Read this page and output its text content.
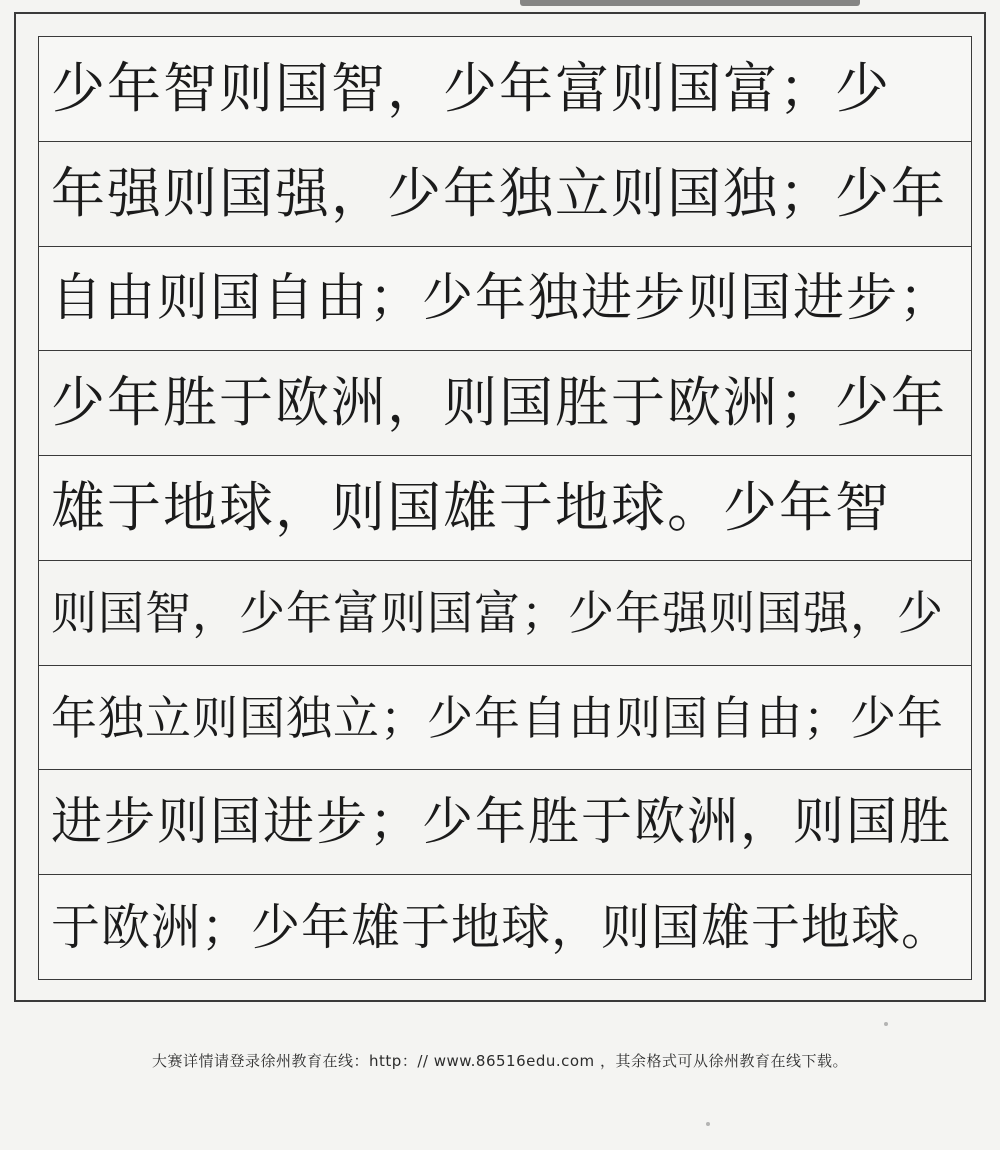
少年智则国智，少年富则国富；少
年强则国强，少年独立则国独；少年
自由则国自由；少年独进步则国进步；
少年胜于欧洲，则国胜于欧洲；少年
雄于地球，则国雄于地球。少年智
则国智，少年富则国富；少年强则国强，少
年独立则国独立；少年自由则国自由；少年
进步则国进步；少年胜于欧洲，则国胜
于欧洲；少年雄于地球，则国雄于地球。
大赛详情请登录徐州教育在线：http：// www.86516edu.com ，其余格式可从徐州教育在线下载。
